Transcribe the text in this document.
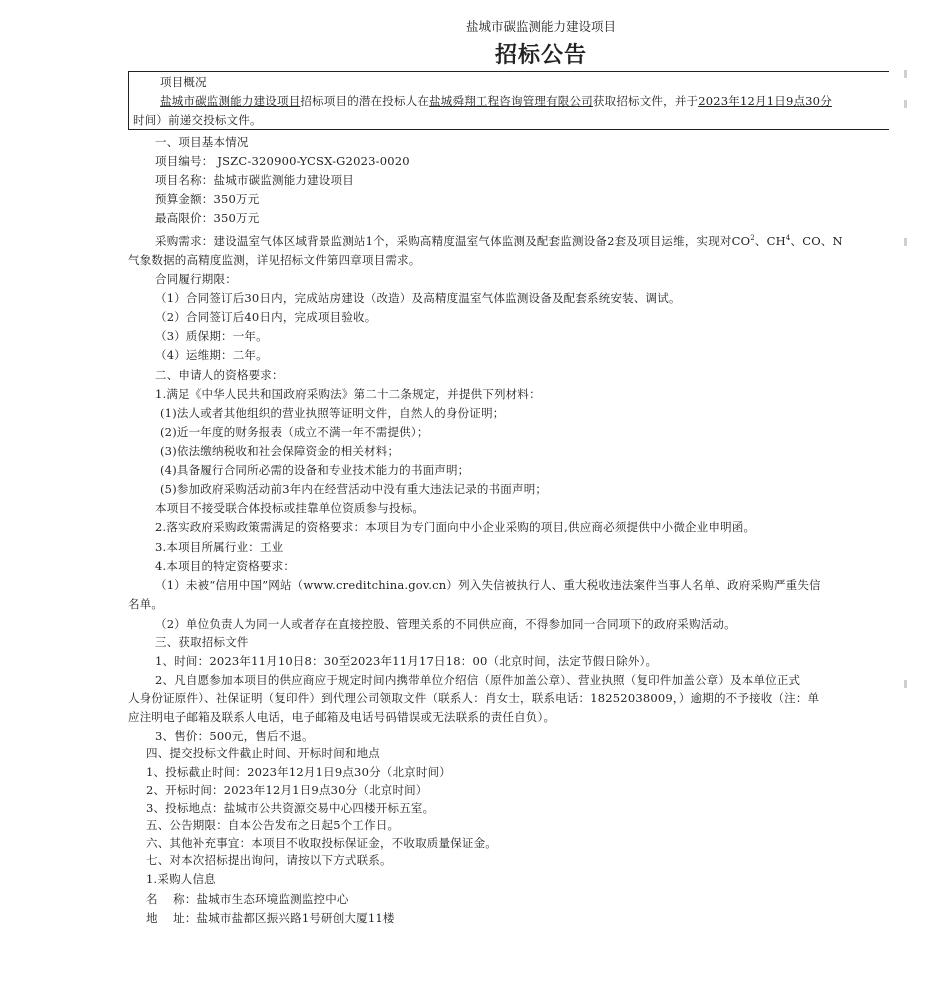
盐城市碳监测能力建设项目
招标公告
项目概况
盐城市碳监测能力建设项目招标项目的潜在投标人在盐城舜翔工程咨询管理有限公司获取招标文件，并于2023年12月1日9点30分
时间）前递交投标文件。
一、项目基本情况
项目编号： JSZC-320900-YCSX-G2023-0020
项目名称：盐城市碳监测能力建设项目
预算金额：350万元
最高限价：350万元
采购需求：建设温室气体区域背景监测站1个，采购高精度温室气体监测及配套监测设备2套及项目运维，实现对$CO^2$、$CH^4$、CO、N
气象数据的高精度监测，详见招标文件第四章项目需求。
合同履行期限：
（1）合同签订后30日内，完成站房建设（改造）及高精度温室气体监测设备及配套系统安装、调试。
（2）合同签订后40日内，完成项目验收。
（3）质保期：一年。
（4）运维期：二年。
二、申请人的资格要求：
1.满足《中华人民共和国政府采购法》第二十二条规定，并提供下列材料：
(1)法人或者其他组织的营业执照等证明文件，自然人的身份证明；
(2)近一年度的财务报表（成立不满一年不需提供）；
(3)依法缴纳税收和社会保障资金的相关材料；
(4)具备履行合同所必需的设备和专业技术能力的书面声明；
(5)参加政府采购活动前3年内在经营活动中没有重大违法记录的书面声明；
本项目不接受联合体投标或挂靠单位资质参与投标。
2.落实政府采购政策需满足的资格要求：本项目为专门面向中小企业采购的项目,供应商必须提供中小微企业申明函。
3.本项目所属行业：工业
4.本项目的特定资格要求：
（1）未被“信用中国”网站（www.creditchina.gov.cn）列入失信被执行人、重大税收违法案件当事人名单、政府采购严重失信
名单。
（2）单位负责人为同一人或者存在直接控股、管理关系的不同供应商，不得参加同一合同项下的政府采购活动。
三、获取招标文件
1、时间：2023年11月10日8：30至2023年11月17日18：00（北京时间，法定节假日除外）。
2、凡自愿参加本项目的供应商应于规定时间内携带单位介绍信（原件加盖公章）、营业执照（复印件加盖公章）及本单位正式
人身份证原件）、社保证明（复印件）到代理公司领取文件（联系人：肖女士，联系电话：18252038009，）逾期的不予接收（注：单
应注明电子邮箱及联系人电话，电子邮箱及电话号码错误或无法联系的责任自负）。
3、售价：500元，售后不退。
四、提交投标文件截止时间、开标时间和地点
1、投标截止时间：2023年12月1日9点30分（北京时间）
2、开标时间：2023年12月1日9点30分（北京时间）
3、投标地点：盐城市公共资源交易中心四楼开标五室。
五、公告期限：自本公告发布之日起5个工作日。
六、其他补充事宜：本项目不收取投标保证金，不收取质量保证金。
七、对本次招标提出询问，请按以下方式联系。
1.采购人信息
名    称：盐城市生态环境监测监控中心
地    址：盐城市盐都区振兴路1号研创大厦11楼
